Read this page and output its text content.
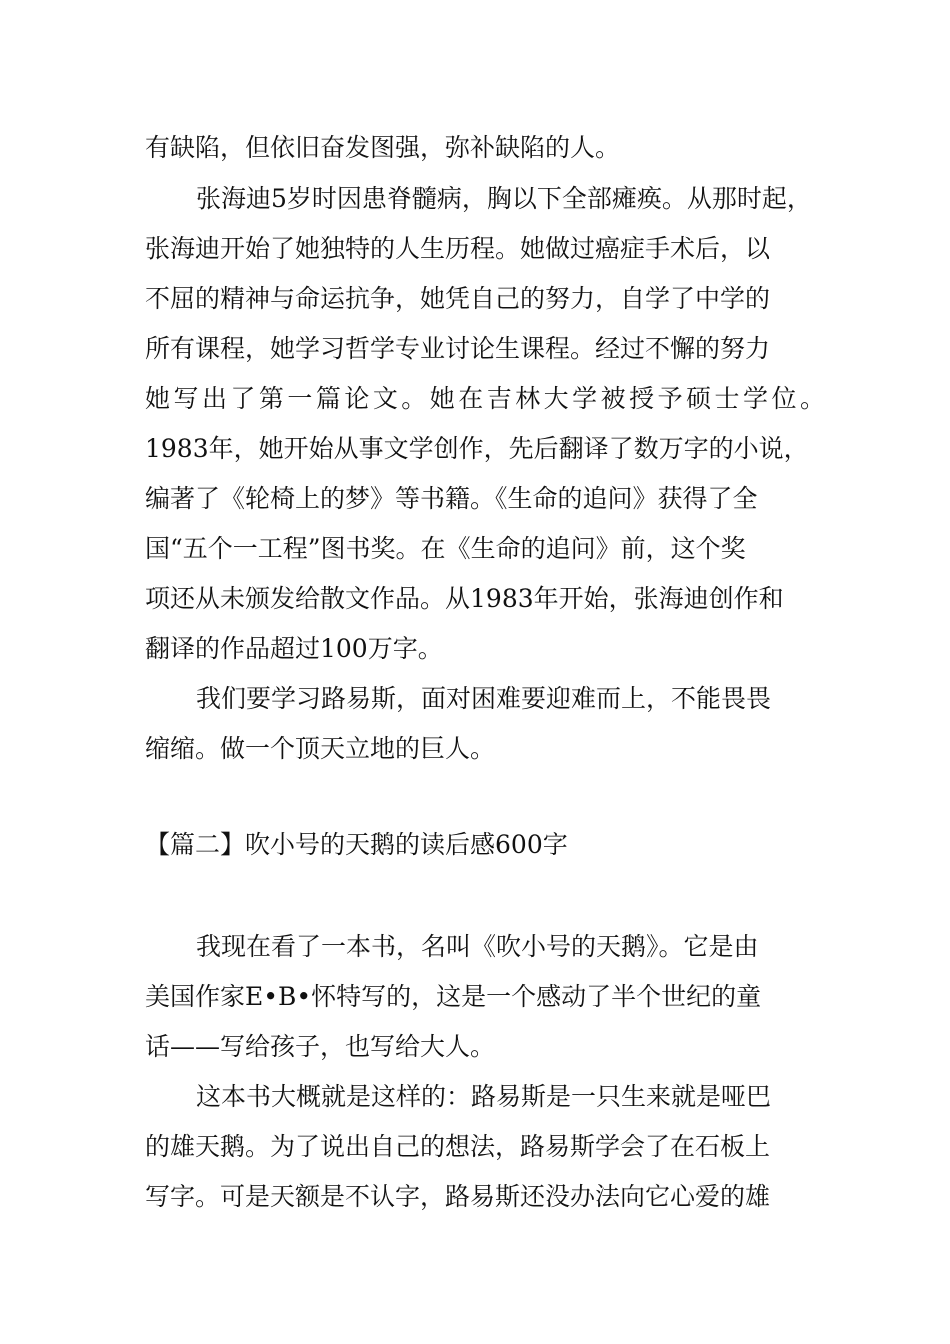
有缺陷，但依旧奋发图强，弥补缺陷的人。
张海迪5岁时因患脊髓病，胸以下全部瘫痪。从那时起，
张海迪开始了她独特的人生历程。她做过癌症手术后，以
不屈的精神与命运抗争，她凭自己的努力，自学了中学的
所有课程，她学习哲学专业讨论生课程。经过不懈的努力
她写出了第一篇论文。她在吉林大学被授予硕士学位。
1983年，她开始从事文学创作，先后翻译了数万字的小说，
编著了《轮椅上的梦》等书籍。《生命的追问》获得了全
国“五个一工程”图书奖。在《生命的追问》前，这个奖
项还从未颁发给散文作品。从1983年开始，张海迪创作和
翻译的作品超过100万字。
我们要学习路易斯，面对困难要迎难而上，不能畏畏
缩缩。做一个顶天立地的巨人。
【篇二】吹小号的天鹅的读后感600字
我现在看了一本书，名叫《吹小号的天鹅》。它是由
美国作家E•B•怀特写的，这是一个感动了半个世纪的童
话——写给孩子，也写给大人。
这本书大概就是这样的：路易斯是一只生来就是哑巴
的雄天鹅。为了说出自己的想法，路易斯学会了在石板上
写字。可是天额是不认字，路易斯还没办法向它心爱的雄
